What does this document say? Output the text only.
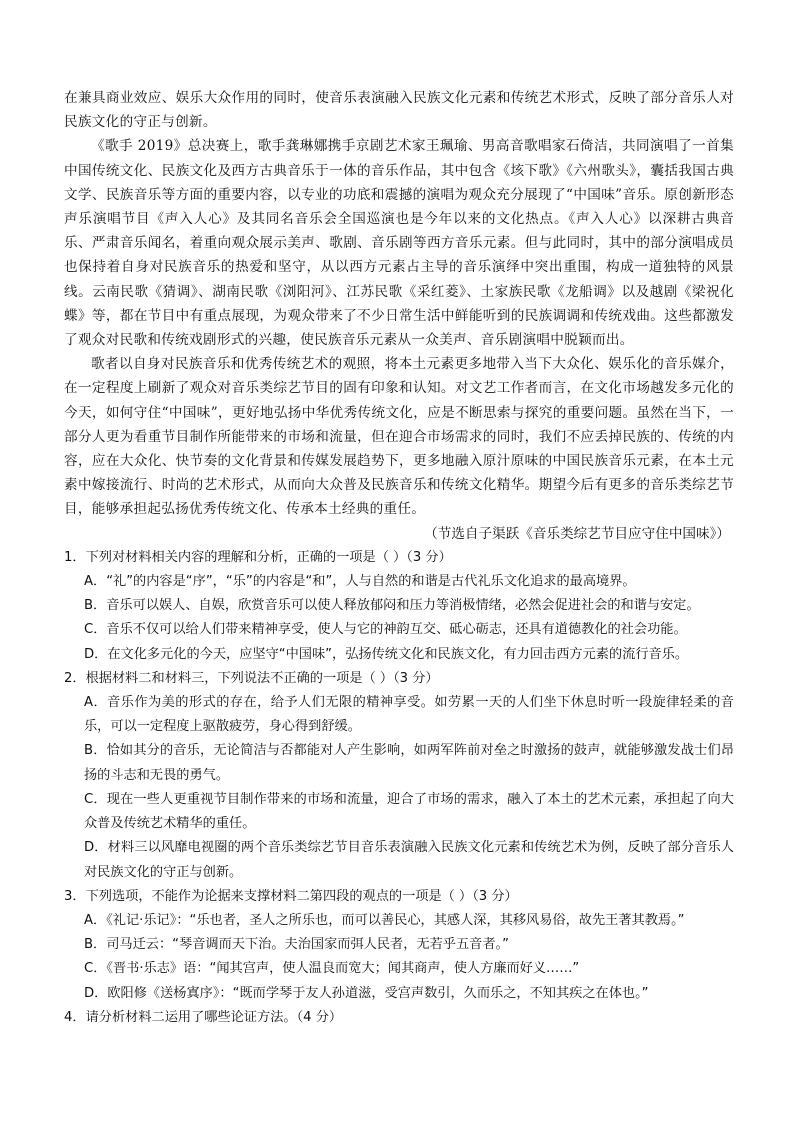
在兼具商业效应、娱乐大众作用的同时，使音乐表演融入民族文化元素和传统艺术形式，反映了部分音乐人对民族文化的守正与创新。

《歌手 2019》总决赛上，歌手龚琳娜携手京剧艺术家王珮瑜、男高音歌唱家石倚洁，共同演唱了一首集中国传统文化、民族文化及西方古典音乐于一体的音乐作品，其中包含《垓下歌》《六州歌头》，囊括我国古典文学、民族音乐等方面的重要内容，以专业的功底和震撼的演唱为观众充分展现了“中国味”音乐。原创新形态声乐演唱节目《声入人心》及其同名音乐会全国巡演也是今年以来的文化热点。《声入人心》以深耕古典音乐、严肃音乐闻名，着重向观众展示美声、歌剧、音乐剧等西方音乐元素。但与此同时，其中的部分演唱成员也保持着自身对民族音乐的热爱和坚守，从以西方元素占主导的音乐演绎中突出重围，构成一道独特的风景线。云南民歌《猜调》、湖南民歌《浏阳河》、江苏民歌《采红菱》、土家族民歌《龙船调》以及越剧《梁祝化蝶》等，都在节目中有重点展现，为观众带来了不少日常生活中鲜能听到的民族调调和传统戏曲。这些都激发了观众对民歌和传统戏剧形式的兴趣，使民族音乐元素从一众美声、音乐剧演唱中脱颖而出。

歌者以自身对民族音乐和优秀传统艺术的观照，将本土元素更多地带入当下大众化、娱乐化的音乐媒介，在一定程度上刷新了观众对音乐类综艺节目的固有印象和认知。对文艺工作者而言，在文化市场越发多元化的今天，如何守住“中国味”，更好地弘扬中华优秀传统文化，应是不断思索与探究的重要问题。虽然在当下，一部分人更为看重节目制作所能带来的市场和流量，但在迎合市场需求的同时，我们不应丢掉民族的、传统的内容，应在大众化、快节奏的文化背景和传媒发展趋势下，更多地融入原汁原味的中国民族音乐元素，在本土元素中嫁接流行、时尚的艺术形式，从而向大众普及民族音乐和传统文化精华。期望今后有更多的音乐类综艺节目，能够承担起弘扬优秀传统文化、传承本土经典的重任。

（节选自子渠跃《音乐类综艺节目应守住中国味》）

1．下列对材料相关内容的理解和分析，正确的一项是（ ）（3 分）

A．“礼”的内容是“序”，“乐”的内容是“和”，人与自然的和谐是古代礼乐文化追求的最高境界。

B．音乐可以娱人、自娱，欣赏音乐可以使人释放郁闷和压力等消极情绪，必然会促进社会的和谐与安定。

C．音乐不仅可以给人们带来精神享受，使人与它的神韵互交、砥心砺志，还具有道德教化的社会功能。

D．在文化多元化的今天，应坚守“中国味”，弘扬传统文化和民族文化，有力回击西方元素的流行音乐。

2．根据材料二和材料三，下列说法不正确的一项是（ ）（3 分）

A．音乐作为美的形式的存在，给予人们无限的精神享受。如劳累一天的人们坐下休息时听一段旋律轻柔的音乐，可以一定程度上驱散疲劳，身心得到舒缓。

B．恰如其分的音乐，无论简洁与否都能对人产生影响，如两军阵前对垒之时激扬的鼓声，就能够激发战士们昂扬的斗志和无畏的勇气。

C．现在一些人更重视节目制作带来的市场和流量，迎合了市场的需求，融入了本土的艺术元素，承担起了向大众普及传统艺术精华的重任。

D．材料三以风靡电视圈的两个音乐类综艺节目音乐表演融入民族文化元素和传统艺术为例，反映了部分音乐人对民族文化的守正与创新。

3．下列选项，不能作为论据来支撑材料二第四段的观点的一项是（ ）（3 分）

A．《礼记·乐记》：“乐也者，圣人之所乐也，而可以善民心，其感人深，其移风易俗，故先王著其教焉。”

B．司马迁云：“琴音调而天下治。夫治国家而弭人民者，无若乎五音者。”

C．《晋书·乐志》语：“闻其宫声，使人温良而宽大；闻其商声，使人方廉而好义……”

D．欧阳修《送杨寘序》：“既而学琴于友人孙道滋，受宫声数引，久而乐之，不知其疾之在体也。”

4．请分析材料二运用了哪些论证方法。（4 分）
